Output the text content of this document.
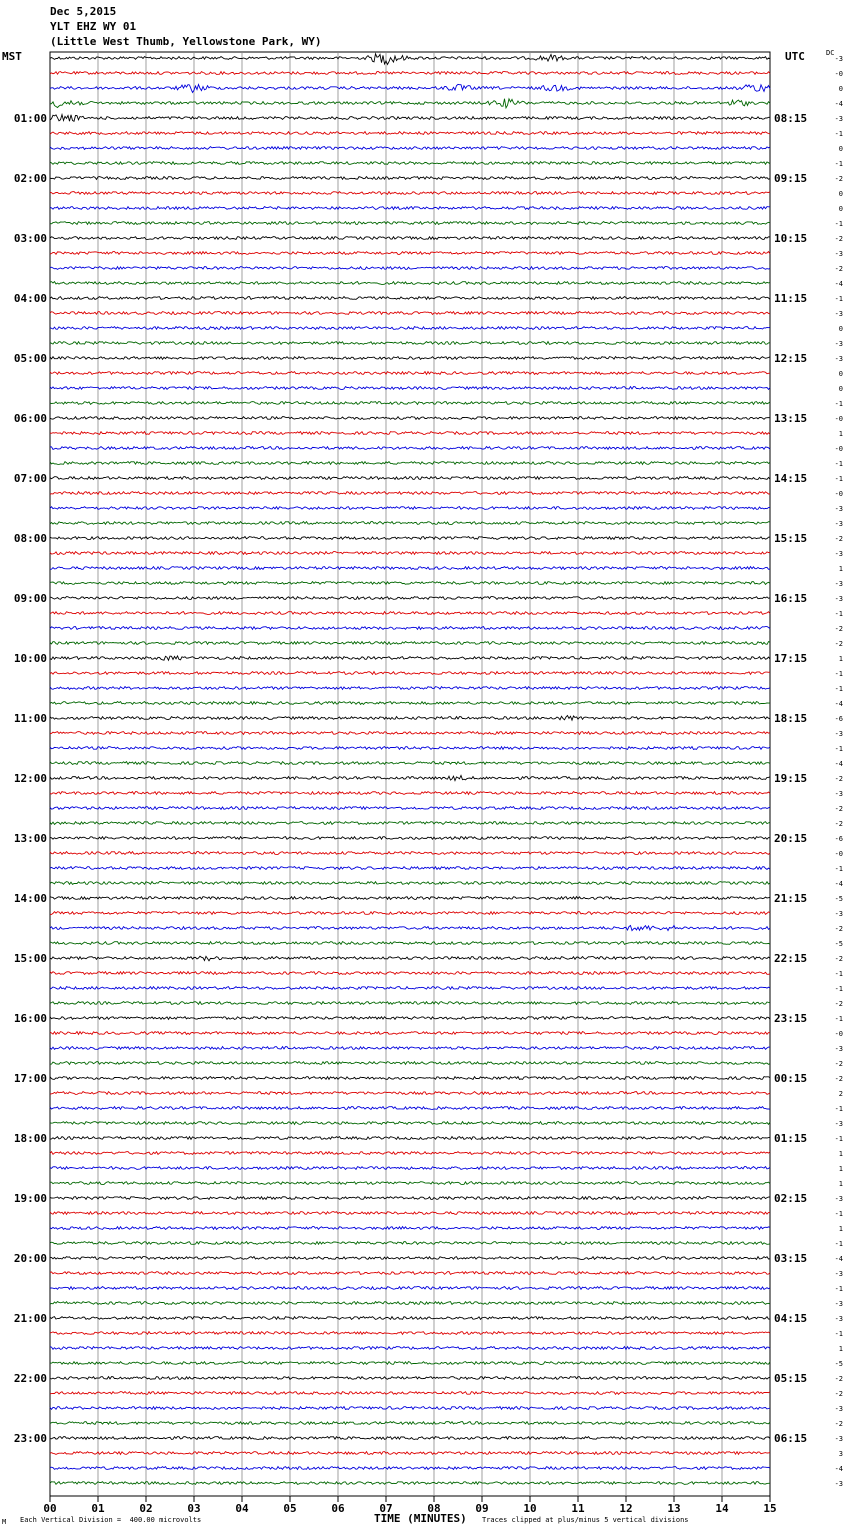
Dec 5,2015
YLT EHZ WY 01
(Little West Thumb, Yellowstone Park, WY)
MST	UTC	DC
00	01	02	03	04	05	06	07	08	09	10	11	12	13	14	15
-3
-0
0
-4
-3
-1
0
-1
-2
0
0
-1
-2
-3
-2
-4
-1
-3
0
-3
-3
0
0
-1
-0
1
-0
-1
-1
-0
-3
-3
-2
-3
1
-3
-3
-1
-2
-2
1
-1
-1
-4
-6
-3
-1
-4
-2
-3
-2
-2
-6
-0
-1
-4
-5
-3
-2
-5
-2
-1
-1
-2
-1
-0
-3
-2
-2
2
-1
-3
-1
1
1
1
-3
-1
1
-1
-4
-3
-1
-3
-3
-1
1
-5
-2
-2
-3
-2
-3
3
-4
-3
01:00	08:15
02:00	09:15
03:00	10:15
04:00	11:15
05:00	12:15
06:00	13:15
07:00	14:15
08:00	15:15
09:00	16:15
10:00	17:15
11:00	18:15
12:00	19:15
13:00	20:15
14:00	21:15
15:00	22:15
16:00	23:15
17:00	00:15
18:00	01:15
19:00	02:15
20:00	03:15
21:00	04:15
22:00	05:15
23:00	06:15
TIME (MINUTES)
M Each Vertical Division =  400.00 microvolts	Traces clipped at plus/minus 5 vertical divisions
